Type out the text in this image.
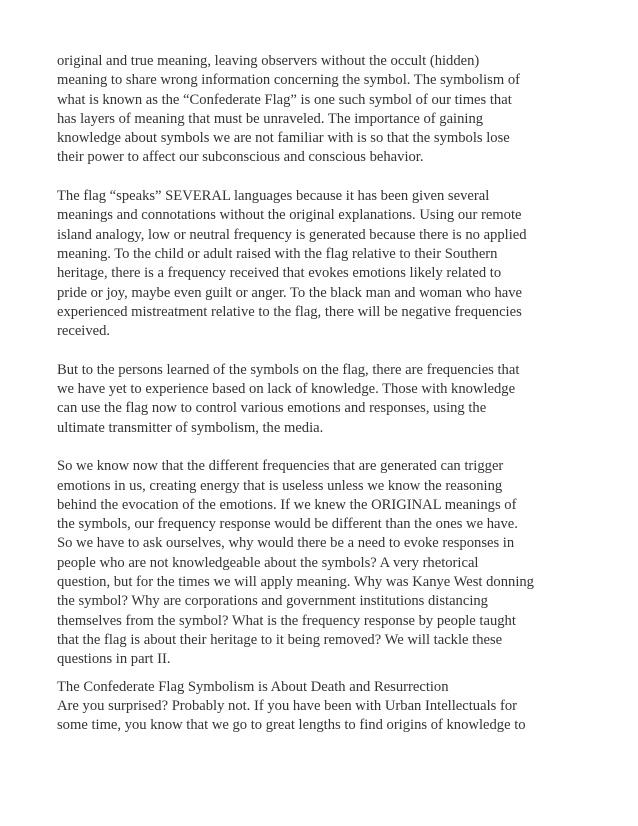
original and true meaning, leaving observers without the occult (hidden)
meaning to share wrong information concerning the symbol. The symbolism of
what is known as the “Confederate Flag” is one such symbol of our times that
has layers of meaning that must be unraveled. The importance of gaining
knowledge about symbols we are not familiar with is so that the symbols lose
their power to affect our subconscious and conscious behavior.

The flag “speaks” SEVERAL languages because it has been given several
meanings and connotations without the original explanations. Using our remote
island analogy, low or neutral frequency is generated because there is no applied
meaning. To the child or adult raised with the flag relative to their Southern
heritage, there is a frequency received that evokes emotions likely related to
pride or joy, maybe even guilt or anger. To the black man and woman who have
experienced mistreatment relative to the flag, there will be negative frequencies
received.

But to the persons learned of the symbols on the flag, there are frequencies that
we have yet to experience based on lack of knowledge. Those with knowledge
can use the flag now to control various emotions and responses, using the
ultimate transmitter of symbolism, the media.

So we know now that the different frequencies that are generated can trigger
emotions in us, creating energy that is useless unless we know the reasoning
behind the evocation of the emotions. If we knew the ORIGINAL meanings of
the symbols, our frequency response would be different than the ones we have.
So we have to ask ourselves, why would there be a need to evoke responses in
people who are not knowledgeable about the symbols? A very rhetorical
question, but for the times we will apply meaning. Why was Kanye West donning
the symbol? Why are corporations and government institutions distancing
themselves from the symbol? What is the frequency response by people taught
that the flag is about their heritage to it being removed? We will tackle these
questions in part II.

The Confederate Flag Symbolism is About Death and Resurrection

Are you surprised? Probably not. If you have been with Urban Intellectuals for
some time, you know that we go to great lengths to find origins of knowledge to
